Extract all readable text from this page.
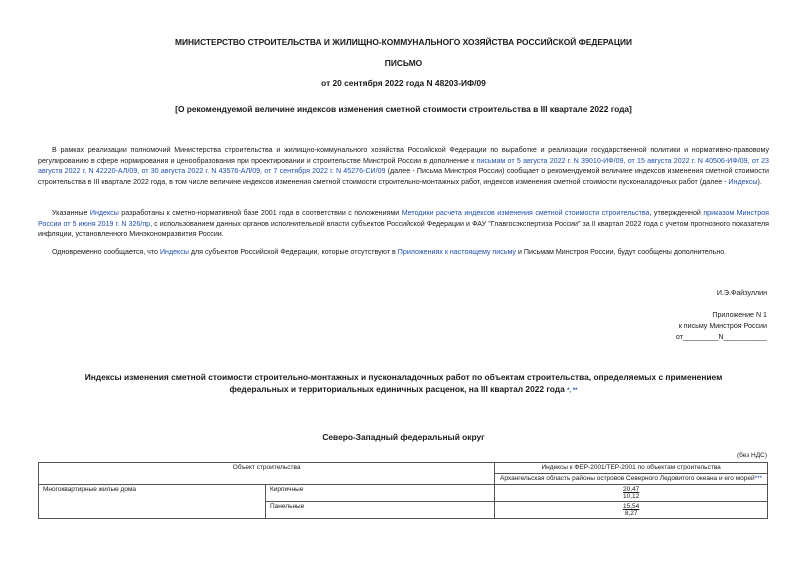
МИНИСТЕРСТВО СТРОИТЕЛЬСТВА И ЖИЛИЩНО-КОММУНАЛЬНОГО ХОЗЯЙСТВА РОССИЙСКОЙ ФЕДЕРАЦИИ
ПИСЬМО
от 20 сентября 2022 года N 48203-ИФ/09
[О рекомендуемой величине индексов изменения сметной стоимости строительства в III квартале 2022 года]

В рамках реализации полномочий Министерства строительства и жилищно-коммунального хозяйства Российской Федерации по выработке и реализации государственной политики и нормативно-правовому регулированию в сфере нормирования и ценообразования при проектировании и строительстве Минстрой России в дополнение к письмам от 5 августа 2022 г. N 39010-ИФ/09, от 15 августа 2022 г. N 40506-ИФ/09, от 23 августа 2022 г. N 42220-АЛ/09, от 30 августа 2022 г. N 43576-АЛ/09, от 7 сентября 2022 г. N 45276-СИ/09 (далее - Письма Минстроя России) сообщает о рекомендуемой величине индексов изменения сметной стоимости строительства в III квартале 2022 года, в том числе величине индексов изменения сметной стоимости строительно-монтажных работ, индексов изменения сметной стоимости пусконаладочных работ (далее - Индексы).

Указанные Индексы разработаны к сметно-нормативной базе 2001 года в соответствии с положениями Методики расчета индексов изменения сметной стоимости строительства, утвержденной приказом Минстроя России от 5 июня 2019 г. N 326/пр, с использованием данных органов исполнительной власти субъектов Российской Федерации и ФАУ "Главгосэкспертиза России" за II квартал 2022 года с учетом прогнозного показателя инфляции, установленного Минэкономразвития России.

Одновременно сообщается, что Индексы для субъектов Российской Федерации, которые отсутствуют в Приложениях к настоящему письму и Письмам Минстроя России, будут сообщены дополнительно.

И.Э.Файзуллин
Приложение N 1
к письму Минстроя России
от_________N___________
Индексы изменения сметной стоимости строительно-монтажных и пусконаладочных работ по объектам строительства, определяемых с применением федеральных и территориальных единичных расценок, на III квартал 2022 года *, **
Северо-Западный федеральный округ
(без НДС)
Объект строительства		Индексы к ФЕР-2001/ТЕР-2001 по объектам строительства
		Архангельская область районы островов Северного Ледовитого океана и его морей***
Многоквартирные жилые дома	Кирпичные	20,47
10,12

	Панельные	15,54
8,27
